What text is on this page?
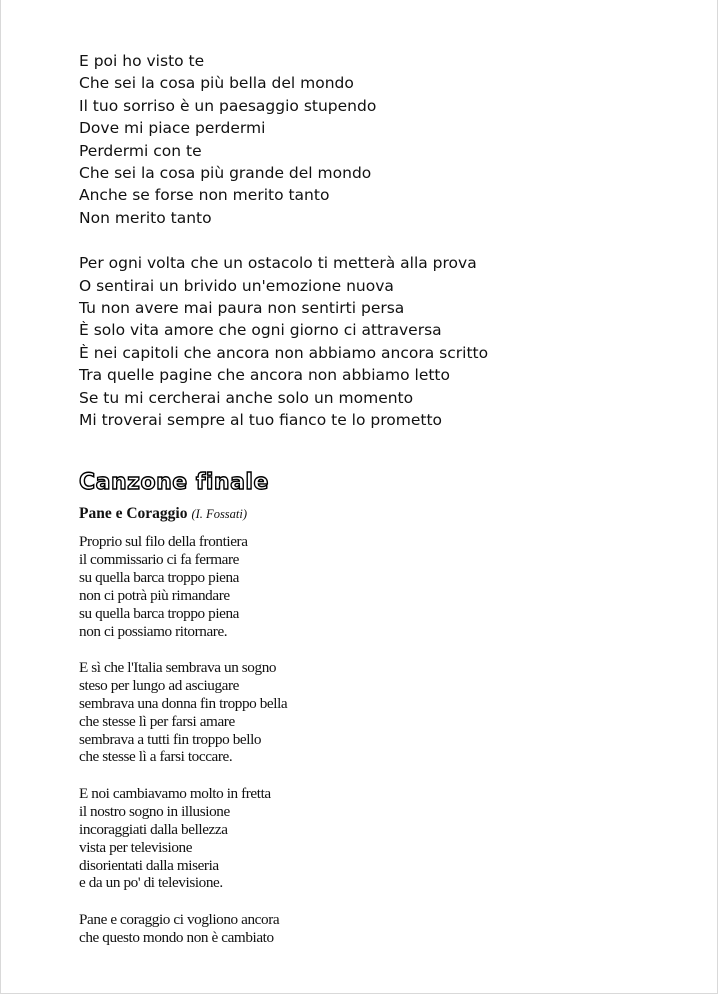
E poi ho visto te
Che sei la cosa più bella del mondo
Il tuo sorriso è un paesaggio stupendo
Dove mi piace perdermi
Perdermi con te
Che sei la cosa più grande del mondo
Anche se forse non merito tanto
Non merito tanto
Per ogni volta che un ostacolo ti metterà alla prova
O sentirai un brivido un'emozione nuova
Tu non avere mai paura non sentirti persa
È solo vita amore che ogni giorno ci attraversa
È nei capitoli che ancora non abbiamo ancora scritto
Tra quelle pagine che ancora non abbiamo letto
Se tu mi cercherai anche solo un momento
Mi troverai sempre al tuo fianco te lo prometto
Canzone finale
Pane e Coraggio (I. Fossati)
Proprio sul filo della frontiera
il commissario ci fa fermare
su quella barca troppo piena
non ci potrà più rimandare
su quella barca troppo piena
non ci possiamo ritornare.
E sì che l'Italia sembrava un sogno
steso per lungo ad asciugare
sembrava una donna fin troppo bella
che stesse lì per farsi amare
sembrava a tutti fin troppo bello
che stesse lì a farsi toccare.
E noi cambiavamo molto in fretta
il nostro sogno in illusione
incoraggiati dalla bellezza
vista per televisione
disorientati dalla miseria
e da un po' di televisione.
Pane e coraggio ci vogliono ancora
che questo mondo non è cambiato
